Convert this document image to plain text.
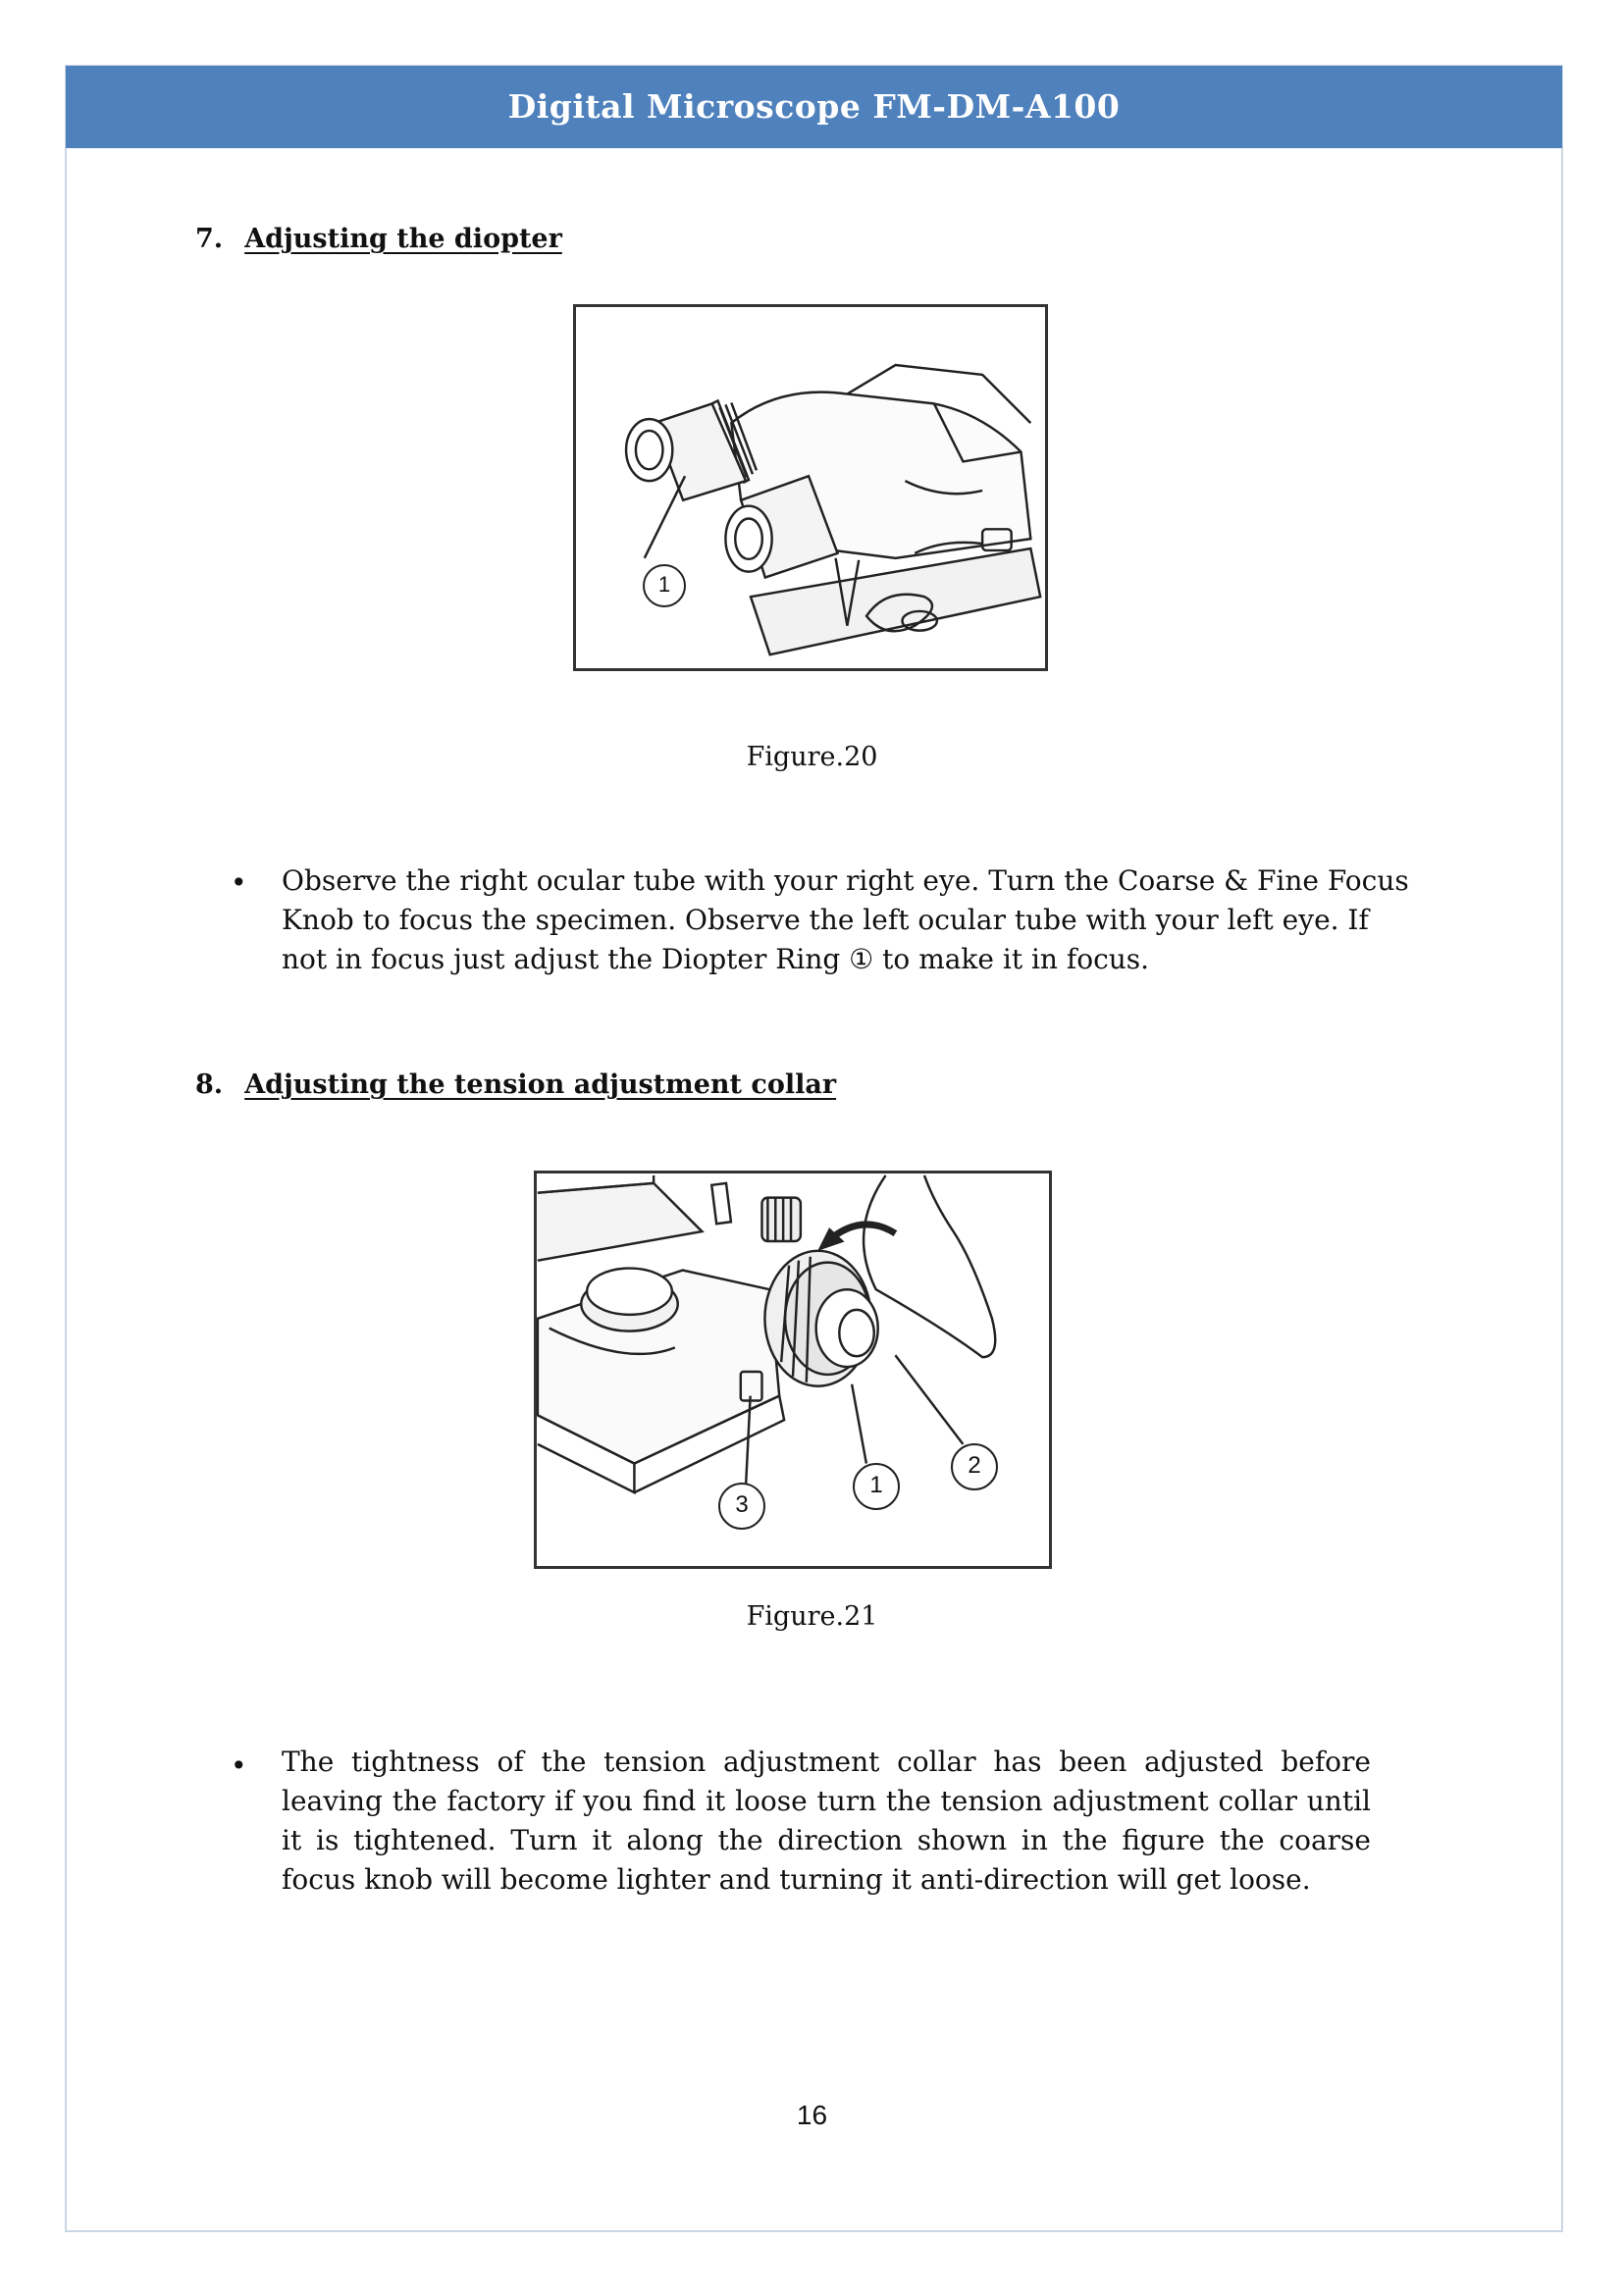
Digital Microscope FM-DM-A100
7. Adjusting the diopter
1
Figure.20
• Observe the right ocular tube with your right eye. Turn the Coarse & Fine Focus Knob to focus the specimen. Observe the left ocular tube with your left eye. If not in focus just adjust the Diopter Ring ① to make it in focus.
8. Adjusting the tension adjustment collar
3
1
2
Figure.21
• The tightness of the tension adjustment collar has been adjusted before leaving the factory if you find it loose turn the tension adjustment collar until it is tightened. Turn it along the direction shown in the figure the coarse focus knob will become lighter and turning it anti-direction will get loose.
16
